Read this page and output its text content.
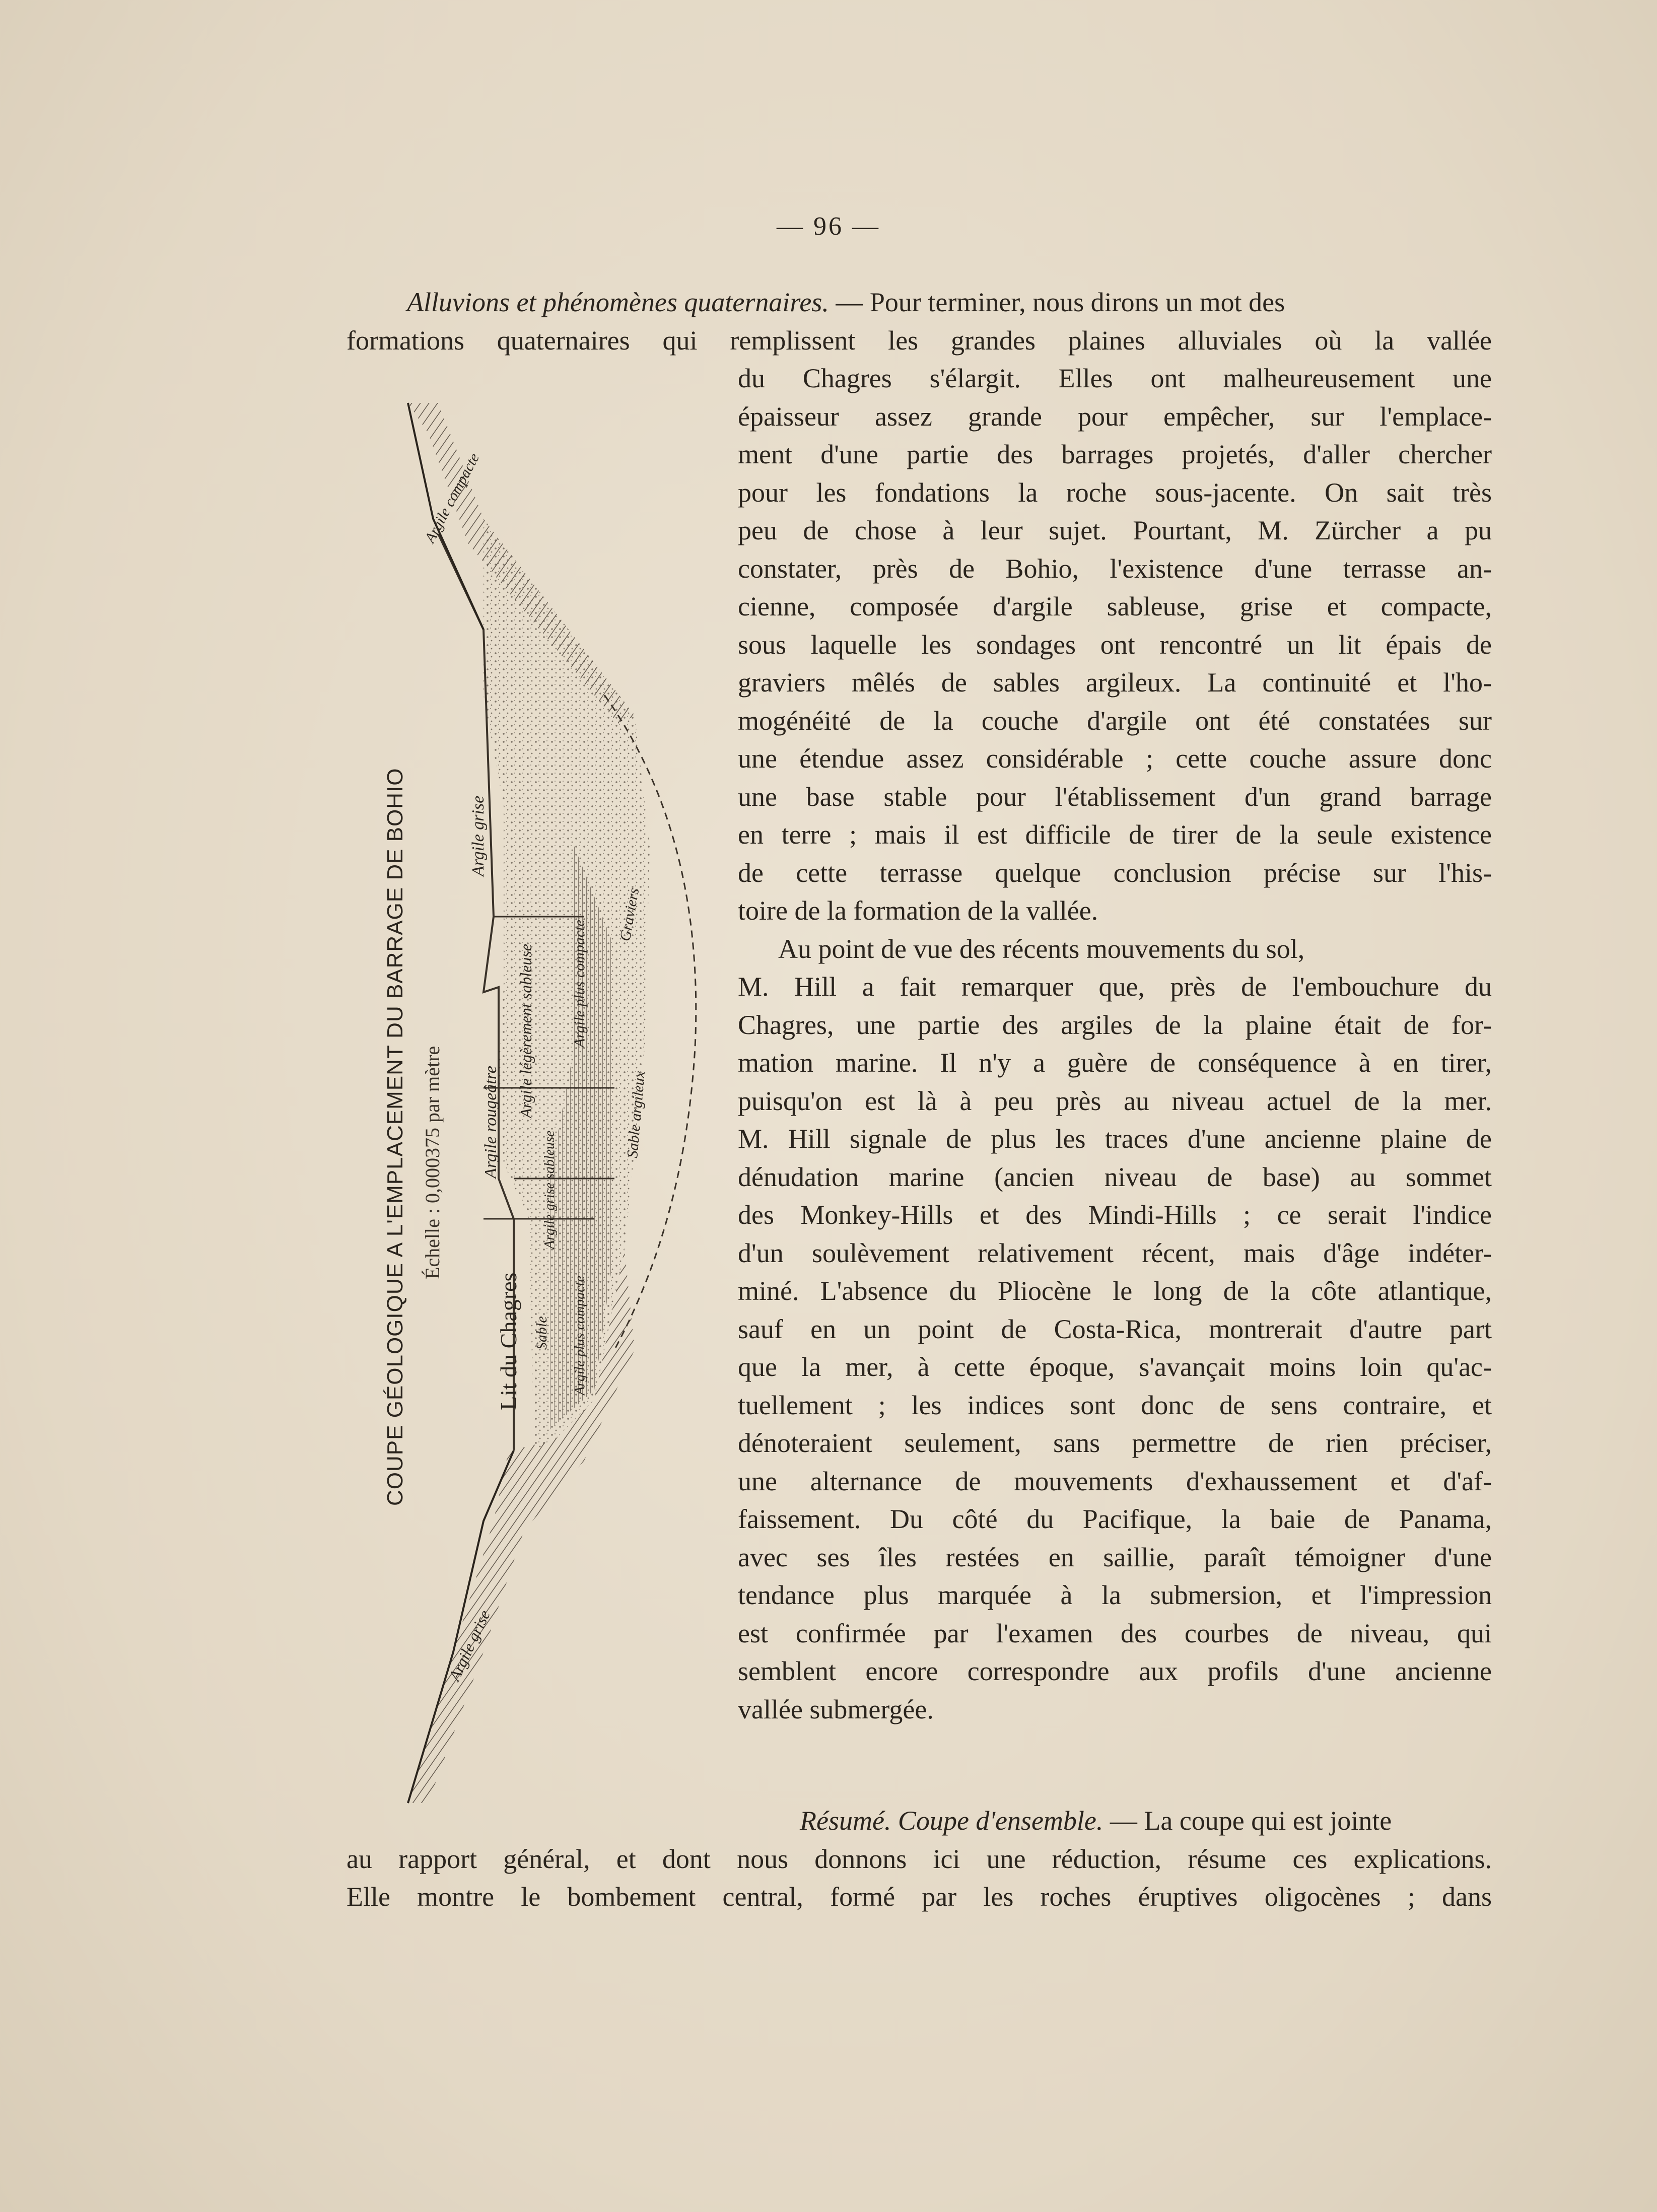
— 96 —
Alluvions et phénomènes quaternaires. — Pour terminer, nous dirons un mot des
formations quaternaires qui remplissent les grandes plaines alluviales où la vallée
du Chagres s'élargit. Elles ont malheureusement une
épaisseur assez grande pour empêcher, sur l'emplace-
ment d'une partie des barrages projetés, d'aller chercher
pour les fondations la roche sous-jacente. On sait très
peu de chose à leur sujet. Pourtant, M. Zürcher a pu
constater, près de Bohio, l'existence d'une terrasse an-
cienne, composée d'argile sableuse, grise et compacte,
sous laquelle les sondages ont rencontré un lit épais de
graviers mêlés de sables argileux. La continuité et l'ho-
mogénéité de la couche d'argile ont été constatées sur
une étendue assez considérable ; cette couche assure donc
une base stable pour l'établissement d'un grand barrage
en terre ; mais il est difficile de tirer de la seule existence
de cette terrasse quelque conclusion précise sur l'his-
toire de la formation de la vallée.
Au point de vue des récents mouvements du sol,
M. Hill a fait remarquer que, près de l'embouchure du
Chagres, une partie des argiles de la plaine était de for-
mation marine. Il n'y a guère de conséquence à en tirer,
puisqu'on est là à peu près au niveau actuel de la mer.
M. Hill signale de plus les traces d'une ancienne plaine de
dénudation marine (ancien niveau de base) au sommet
des Monkey-Hills et des Mindi-Hills ; ce serait l'indice
d'un soulèvement relativement récent, mais d'âge indéter-
miné. L'absence du Pliocène le long de la côte atlantique,
sauf en un point de Costa-Rica, montrerait d'autre part
que la mer, à cette époque, s'avançait moins loin qu'ac-
tuellement ; les indices sont donc de sens contraire, et
dénoteraient seulement, sans permettre de rien préciser,
une alternance de mouvements d'exhaussement et d'af-
faissement. Du côté du Pacifique, la baie de Panama,
avec ses îles restées en saillie, paraît témoigner d'une
tendance plus marquée à la submersion, et l'impression
est confirmée par l'examen des courbes de niveau, qui
semblent encore correspondre aux profils d'une ancienne
vallée submergée.
Résumé. Coupe d'ensemble. — La coupe qui est jointe
au rapport général, et dont nous donnons ici une réduction, résume ces explications.
Elle montre le bombement central, formé par les roches éruptives oligocènes ; dans
COUPE GÉOLOGIQUE A L'EMPLACEMENT DU BARRAGE DE BOHIO Échelle : 0,000375 par mètre
Argile compacte
Argile grise
Argile légèrement sableuse
Argile rougeâtre
Argile grise sableuse
Argile plus compacte
Graviers
Sable argileux
Lit du Chagres Sable Argile plus compacte
Argile grise
